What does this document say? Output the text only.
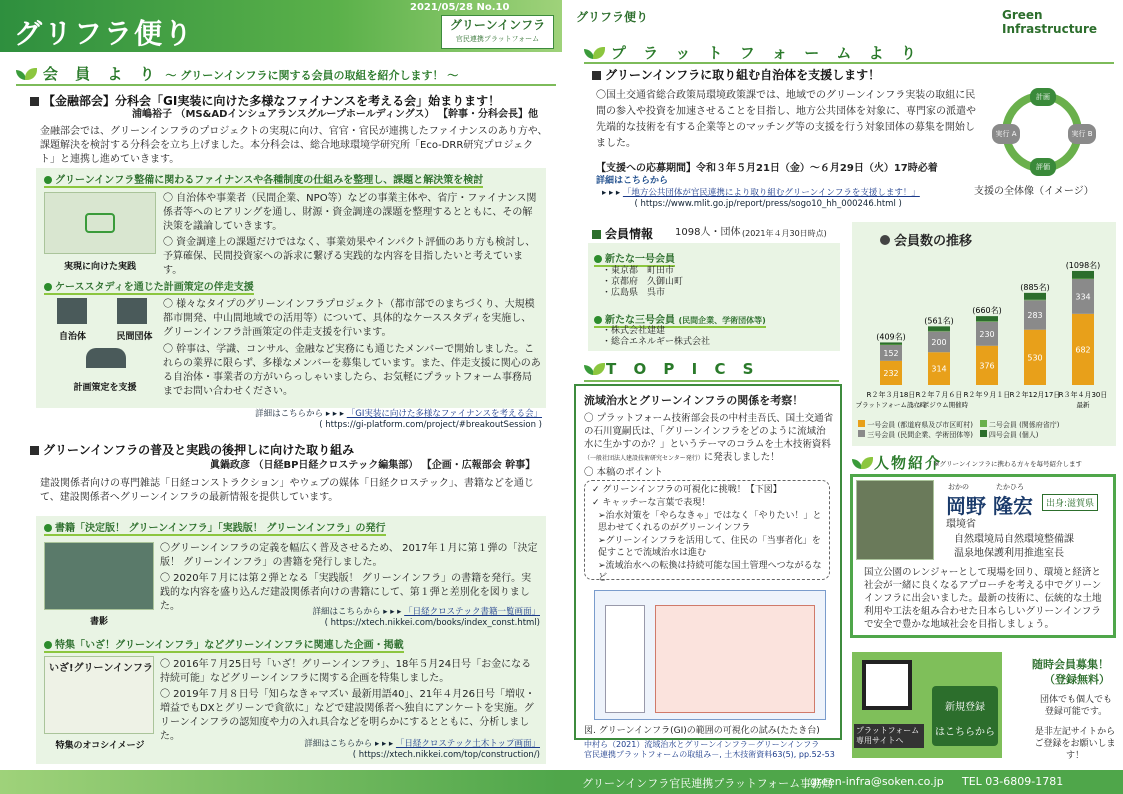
グリフラ便り
2021/05/28 No.10
グリーンインフラ
官民連携プラットフォーム
会 員 よ り ～ グリーンインフラに関する会員の取組を紹介します！ ～
【金融部会】分科会「GI実装に向けた多様なファイナンスを考える会」始まります！
浦嶋裕子 （MS&ADインシュアランスグループホールディングス） 【幹事・分科会長】他
金融部会では、グリーンインフラのプロジェクトの実現に向け、官官・官民が連携したファイナンスのあり方や、課題解決を検討する分科会を立ち上げました。本分科会は、総合地球環境学研究所「Eco-DRR研究プロジェクト」と連携し進めていきます。
グリーンインフラ整備に関わるファイナンスや各種制度の仕組みを整理し、課題と解決策を検討
実現に向けた実践
〇 自治体や事業者（民間企業、NPO等）などの事業主体や、省庁・ファイナンス関係者等へのヒアリングを通し、財源・資金調達の課題を整理するとともに、その解決策を議論していきます。
〇 資金調達上の課題だけではなく、事業効果やインパクト評価のあり方も検討し、予算確保、民間投資家への訴求に繋げる実践的な内容を目指したいと考えています。
ケーススタディを通じた計画策定の伴走支援
自治体	民間団体
計画策定を支援
〇 様々なタイプのグリーンインフラプロジェクト（都市部でのまちづくり、大規模都市開発、中山間地域での活用等）について、具体的なケーススタディを実施し、グリーンインフラ計画策定の伴走支援を行います。
〇 幹事は、学識、コンサル、金融など実務にも通じたメンバーで開始しました。これらの業界に限らず、多様なメンバーを募集しています。また、伴走支援に関心のある自治体・事業者の方がいらっしゃいましたら、お気軽にプラットフォーム事務局までお問い合わせください。
詳細はこちらから ▸ ▸ ▸ 「GI実装に向けた多様なファイナンスを考える会」
( https://gi-platform.com/project/#breakoutSession )
グリーンインフラの普及と実践の後押しに向けた取り組み
眞鍋政彦 （日経BP日経クロステック編集部） 【企画・広報部会 幹事】
建設関係者向けの専門雑誌「日経コンストラクション」やウェブの媒体「日経クロステック」、書籍などを通じて、建設関係者へグリーンインフラの最新情報を提供しています。
書籍「決定版！ グリーンインフラ」「実践版！ グリーンインフラ」の発行
書影
〇グリーンインフラの定義を幅広く普及させるため、 2017年１月に第１弾の「決定版！ グリーンインフラ」の書籍を発行しました。
〇 2020年７月には第２弾となる「実践版！ グリーンインフラ」の書籍を発行。実践的な内容を盛り込んだ建設関係者向けの書籍にして、第１弾と差別化を図りました。	詳細はこちらから ▸ ▸ ▸ 「日経クロステック書籍一覧画面」
( https://xtech.nikkei.com/books/index_const.html)
特集「いざ！グリーンインフラ」などグリーンインフラに関連した企画・掲載
いざ!グリーンインフラ
特集のオコシイメージ
〇 2016年７月25日号「いざ！グリーンインフラ」、18年５月24日号「お金になる持続可能」などグリーンインフラに関する企画を特集しました。
〇 2019年７月８日号「知らなきゃマズい 最新用語40」、21年４月26日号「増収・増益でもDXとグリーンで貪欲に」などで建設関係者へ独自にアンケートを実施。グリーンインフラの認知度や力の入れ具合などを明らかにするとともに、分析しました。
詳細はこちらから ▸ ▸ ▸ 「日経クロステック土木トップ画面」
( https://xtech.nikkei.com/top/construction/)
グリフラ便り	Green Infrastructure
プ ラ ッ ト フ ォ ー ム よ り
グリーンインフラに取り組む自治体を支援します！
〇国土交通省総合政策局環境政策課では、地域でのグリーンインフラ実装の取組に民間の参入や投資を加速させることを目指し、地方公共団体を対象に、専門家の派遣や先端的な技術を有する企業等とのマッチング等の支援を行う対象団体の募集を開始しました。
【支援への応募期間】令和３年５月21日（金）～６月29日（火）17時必着
詳細はこちらから
▸ ▸ ▸ 「地方公共団体が官民連携により取り組むグリーンインフラを支援します！」
( https://www.mlit.go.jp/report/press/sogo10_hh_000246.html )
計画
実行 A	実行 B
評価
支援の全体像（イメージ）
会員情報 1098人・団体 (2021年４月30日時点)
新たな一号会員
・東京都　町田市
・京都府　久御山町
・広島県　呉市
新たな三号会員 (民間企業、学術団体等)
・株式会社建建
・総合エネルギー株式会社
会員数の推移
232
152
(409名)
R２年３月18日
プラットフォーム設立時
314
200
(561名)
R２年７月６日
シンポジウム開催時
376
230
(660名)
R２年９月１日
530
283
(885名)
R２年12月17日
682
334
(1098名)
R３年４月30日
最新
一号会員 (都道府県及び市区町村) 二号会員 (関係府省庁)
三号会員 (民間企業、学術団体等) 四号会員 (個人)
T O P I C S
流域治水とグリーンインフラの関係を考察！
〇 プラットフォーム技術部会長の中村圭吾氏、国土交通省の石川寛嗣氏は、「グリーンインフラをどのように流域治水に生かすのか？」というテーマのコラムを土木技術資料（一般社団法人建設技術研究センター発行）に発表しました！
〇 本稿のポイント
✓ グリーンインフラの可視化に挑戦！【下図】
✓ キャッチーな言葉で表現！
➢治水対策を「やらなきゃ」ではなく「やりたい！」と思わせてくれるのがグリーンインフラ
➢グリーンインフラを活用して、住民の「当事者化」を促すことで流域治水は進む
➢流域治水への転換は持続可能な国土管理へつながるなど
図. グリーンインフラ(GI)の範囲の可視化の試み(たたき台)
中村ら（2021）流域治水とグリーンインフラ－グリーンインフラ
官民連携プラットフォームの取組み－, 土木技術資料63(5), pp.52-53
人物紹介
※グリーンインフラに携わる方々を毎号紹介します
おかの	たかひろ
岡野 隆宏	出身:滋賀県
環境省
自然環境局自然環境整備課
温泉地保護利用推進室長
国立公園のレンジャーとして現場を回り、環境と経済と社会が一緒に良くなるアプローチを考える中でグリーンインフラに出会いました。最新の技術に、伝統的な土地利用や工法を組み合わせた日本らしいグリーンインフラで安全で豊かな地域社会を目指しましょう。
プラットフォーム専用サイトへ
新規登録
はこちらから
随時会員募集！
（登録無料）
団体でも個人でも登録可能です。
是非左記サイトからご登録をお願いします！
グリーンインフラ官民連携プラットフォーム事務局
green-infra@soken.co.jp TEL 03-6809-1781
